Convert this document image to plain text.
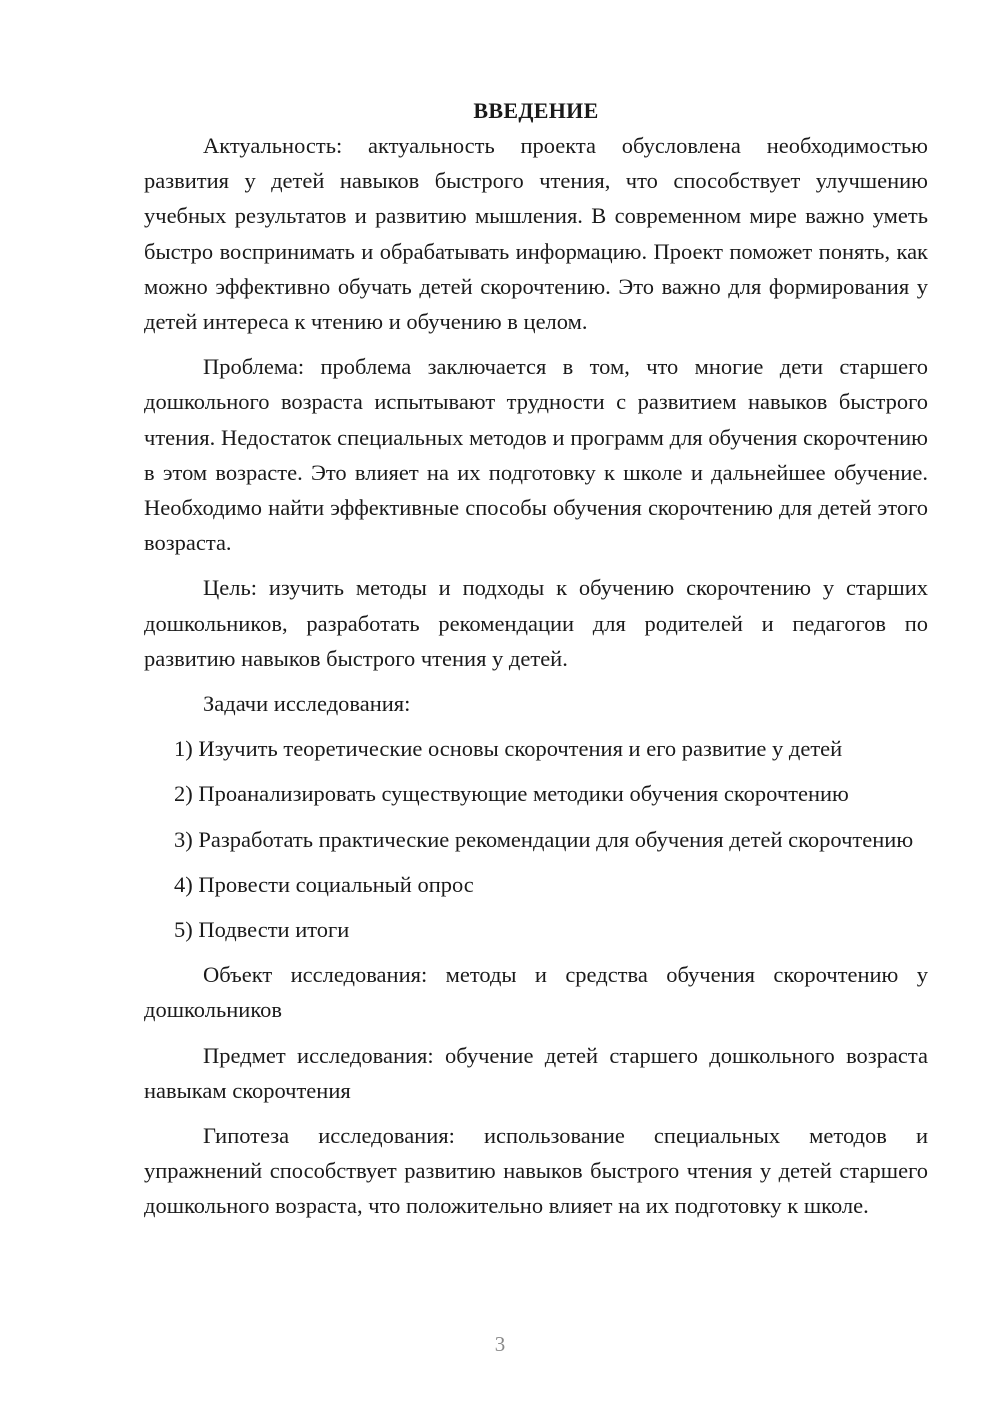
ВВЕДЕНИЕ

Актуальность: актуальность проекта обусловлена необходимостью развития у детей навыков быстрого чтения, что способствует улучшению учебных результатов и развитию мышления. В современном мире важно уметь быстро воспринимать и обрабатывать информацию. Проект поможет понять, как можно эффективно обучать детей скорочтению. Это важно для формирования у детей интереса к чтению и обучению в целом.

Проблема: проблема заключается в том, что многие дети старшего дошкольного возраста испытывают трудности с развитием навыков быстрого чтения. Недостаток специальных методов и программ для обучения скорочтению в этом возрасте. Это влияет на их подготовку к школе и дальнейшее обучение. Необходимо найти эффективные способы обучения скорочтению для детей этого возраста.

Цель: изучить методы и подходы к обучению скорочтению у старших дошкольников, разработать рекомендации для родителей и педагогов по развитию навыков быстрого чтения у детей.

Задачи исследования:

1) Изучить теоретические основы скорочтения и его развитие у детей

2) Проанализировать существующие методики обучения скорочтению

3) Разработать практические рекомендации для обучения детей скорочтению

4) Провести социальный опрос

5) Подвести итоги

Объект исследования: методы и средства обучения скорочтению у дошкольников

Предмет исследования: обучение детей старшего дошкольного возраста навыкам скорочтения

Гипотеза исследования: использование специальных методов и упражнений способствует развитию навыков быстрого чтения у детей старшего дошкольного возраста, что положительно влияет на их подготовку к школе.

3
